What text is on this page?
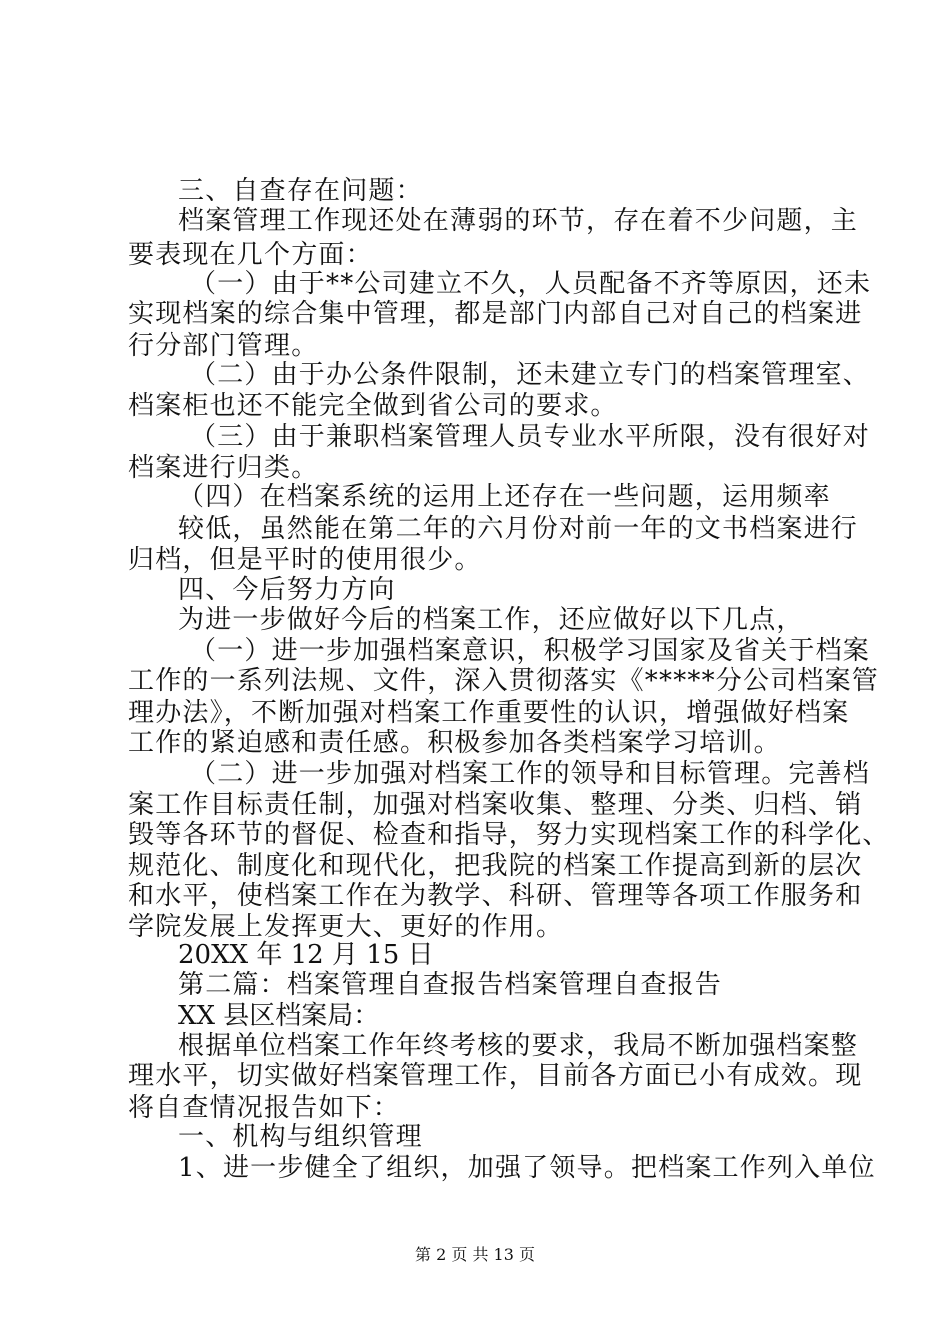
三、自查存在问题：
档案管理工作现还处在薄弱的环节，存在着不少问题，主
要表现在几个方面：
（一）由于**公司建立不久，人员配备不齐等原因，还未
实现档案的综合集中管理，都是部门内部自己对自己的档案进
行分部门管理。
（二）由于办公条件限制，还未建立专门的档案管理室、
档案柜也还不能完全做到省公司的要求。
（三）由于兼职档案管理人员专业水平所限，没有很好对
档案进行归类。
（四）在档案系统的运用上还存在一些问题，运用频率
较低，虽然能在第二年的六月份对前一年的文书档案进行
归档，但是平时的使用很少。
四、今后努力方向
为进一步做好今后的档案工作，还应做好以下几点，
（一）进一步加强档案意识，积极学习国家及省关于档案
工作的一系列法规、文件，深入贯彻落实《*****分公司档案管
理办法》，不断加强对档案工作重要性的认识，增强做好档案
工作的紧迫感和责任感。积极参加各类档案学习培训。
（二）进一步加强对档案工作的领导和目标管理。完善档
案工作目标责任制，加强对档案收集、整理、分类、归档、销
毁等各环节的督促、检查和指导，努力实现档案工作的科学化、
规范化、制度化和现代化，把我院的档案工作提高到新的层次
和水平，使档案工作在为教学、科研、管理等各项工作服务和
学院发展上发挥更大、更好的作用。
20XX 年 12 月 15 日
第二篇：档案管理自查报告档案管理自查报告
XX 县区档案局：
根据单位档案工作年终考核的要求，我局不断加强档案整
理水平，切实做好档案管理工作，目前各方面已小有成效。现
将自查情况报告如下：
一、机构与组织管理
1、进一步健全了组织，加强了领导。把档案工作列入单位
第 2 页 共 13 页
